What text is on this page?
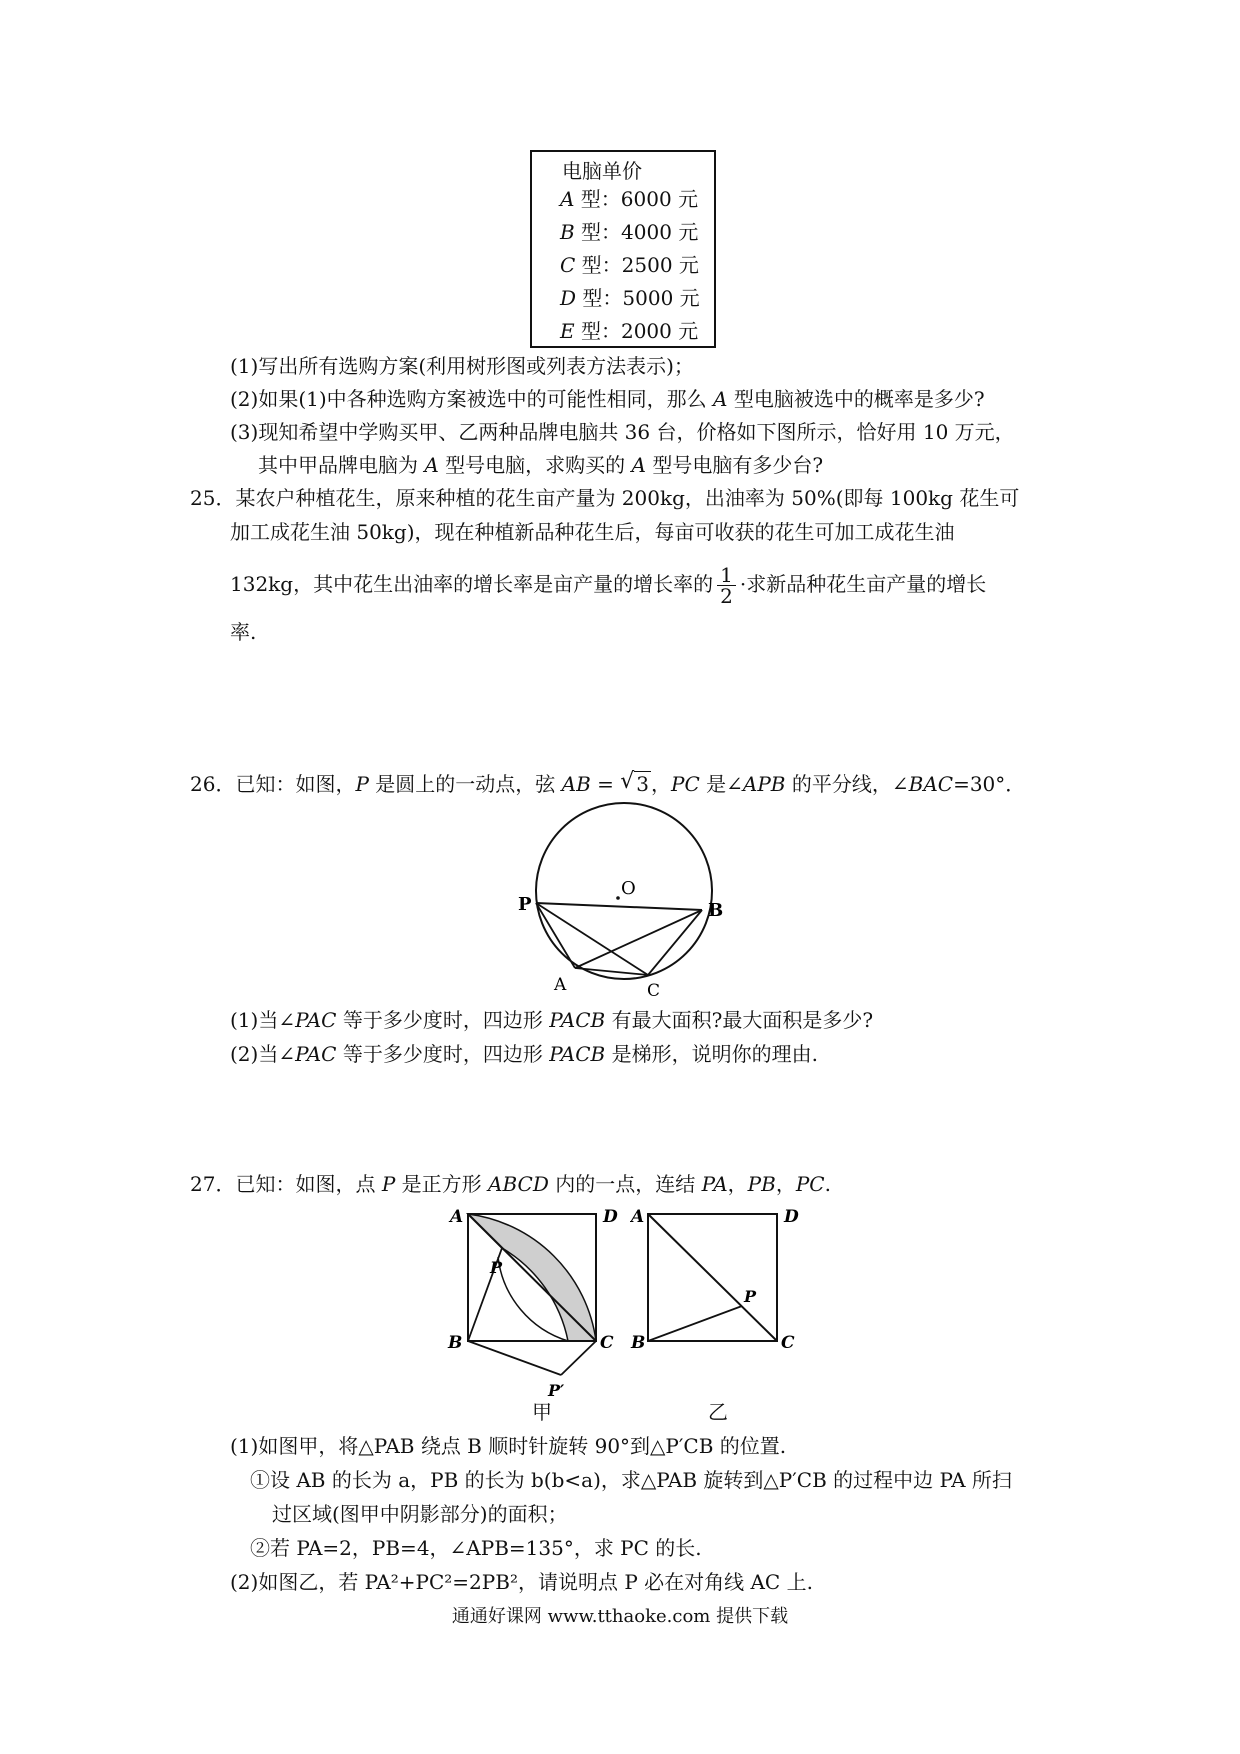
电脑单价
A 型：6000 元
B 型：4000 元
C 型：2500 元
D 型：5000 元
E 型：2000 元
(1)写出所有选购方案(利用树形图或列表方法表示)；
(2)如果(1)中各种选购方案被选中的可能性相同，那么 A 型电脑被选中的概率是多少?
(3)现知希望中学购买甲、乙两种品牌电脑共 36 台，价格如下图所示，恰好用 10 万元，
其中甲品牌电脑为 A 型号电脑，求购买的 A 型号电脑有多少台?
25．某农户种植花生，原来种植的花生亩产量为 200kg，出油率为 50%(即每 100kg 花生可
加工成花生油 50kg)，现在种植新品种花生后，每亩可收获的花生可加工成花生油
132kg，其中花生出油率的增长率是亩产量的增长率的 $\frac{1}{2}$ ·求新品种花生亩产量的增长
率.
26．已知：如图，P 是圆上的一动点，弦 AB = √ 3 ，PC 是∠APB 的平分线，∠BAC=30°．
P
O
B
A	C
(1)当∠PAC 等于多少度时，四边形 PACB 有最大面积?最大面积是多少?
(2)当∠PAC 等于多少度时，四边形 PACB 是梯形，说明你的理由.
27．已知：如图，点 P 是正方形 ABCD 内的一点，连结 PA，PB，PC.
A	D
P
B	C
P′
A	D
P
B	C
甲	乙
(1)如图甲，将△PAB 绕点 B 顺时针旋转 90°到△P′CB 的位置.
①设 AB 的长为 a，PB 的长为 b(b<a)，求△PAB 旋转到△P′CB 的过程中边 PA 所扫
过区域(图甲中阴影部分)的面积；
②若 PA=2，PB=4，∠APB=135°，求 PC 的长.
(2)如图乙，若 PA²+PC²=2PB²，请说明点 P 必在对角线 AC 上.
通通好课网 www.tthaoke.com 提供下载
